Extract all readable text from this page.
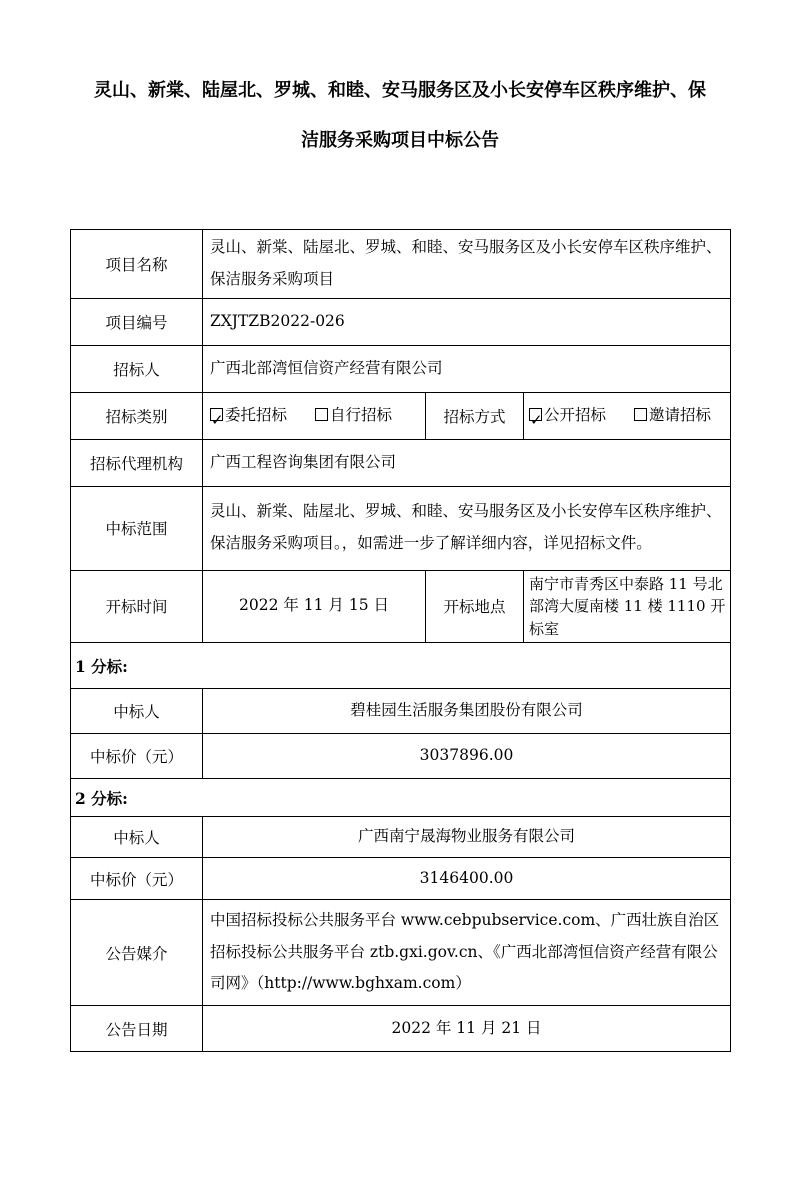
灵山、新棠、陆屋北、罗城、和睦、安马服务区及小长安停车区秩序维护、保洁服务采购项目中标公告
项目名称	灵山、新棠、陆屋北、罗城、和睦、安马服务区及小长安停车区秩序维护、保洁服务采购项目		
项目编号	ZXJTZB2022-026		
招标人	广西北部湾恒信资产经营有限公司		
招标类别	✓委托招标 自行招标	招标方式	✓公开招标 邀请招标
招标代理机构	广西工程咨询集团有限公司		
中标范围	灵山、新棠、陆屋北、罗城、和睦、安马服务区及小长安停车区秩序维护、保洁服务采购项目。，如需进一步了解详细内容，详见招标文件。		
开标时间	2022 年 11 月 15 日	开标地点	南宁市青秀区中泰路 11 号北部湾大厦南楼 11 楼 1110 开标室
1 分标:			
中标人	碧桂园生活服务集团股份有限公司		
中标价（元）	3037896.00		
2 分标:			
中标人	广西南宁晟海物业服务有限公司		
中标价（元）	3146400.00		
公告媒介	中国招标投标公共服务平台 www.cebpubservice.com、广西壮族自治区招标投标公共服务平台 ztb.gxi.gov.cn、《广西北部湾恒信资产经营有限公司网》（http://www.bghxam.com）		
公告日期	2022 年 11 月 21 日		
